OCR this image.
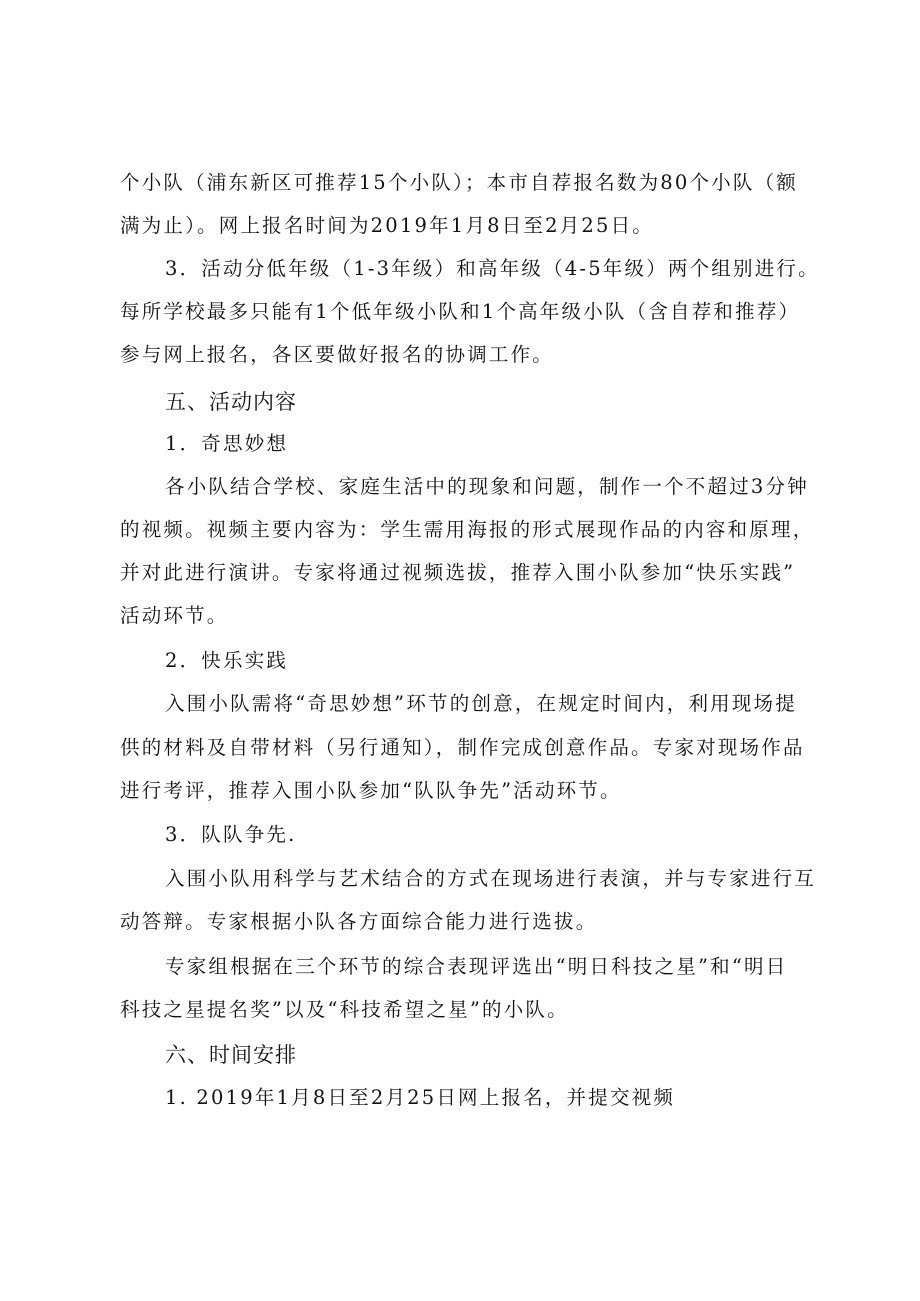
个小队（浦东新区可推荐15个小队）；本市自荐报名数为80个小队（额
满为止）。网上报名时间为2019年1月8日至2月25日。
3．活动分低年级（1-3年级）和高年级（4-5年级）两个组别进行。
每所学校最多只能有1个低年级小队和1个高年级小队（含自荐和推荐）
参与网上报名，各区要做好报名的协调工作。
五、活动内容
1．奇思妙想
各小队结合学校、家庭生活中的现象和问题，制作一个不超过3分钟
的视频。视频主要内容为：学生需用海报的形式展现作品的内容和原理，
并对此进行演讲。专家将通过视频选拔，推荐入围小队参加“快乐实践”
活动环节。
2．快乐实践
入围小队需将“奇思妙想”环节的创意，在规定时间内，利用现场提
供的材料及自带材料（另行通知），制作完成创意作品。专家对现场作品
进行考评，推荐入围小队参加“队队争先”活动环节。
3．队队争先.
入围小队用科学与艺术结合的方式在现场进行表演，并与专家进行互
动答辩。专家根据小队各方面综合能力进行选拔。
专家组根据在三个环节的综合表现评选出“明日科技之星”和“明日
科技之星提名奖”以及“科技希望之星”的小队。
六、时间安排
1. 2019年1月8日至2月25日网上报名，并提交视频
